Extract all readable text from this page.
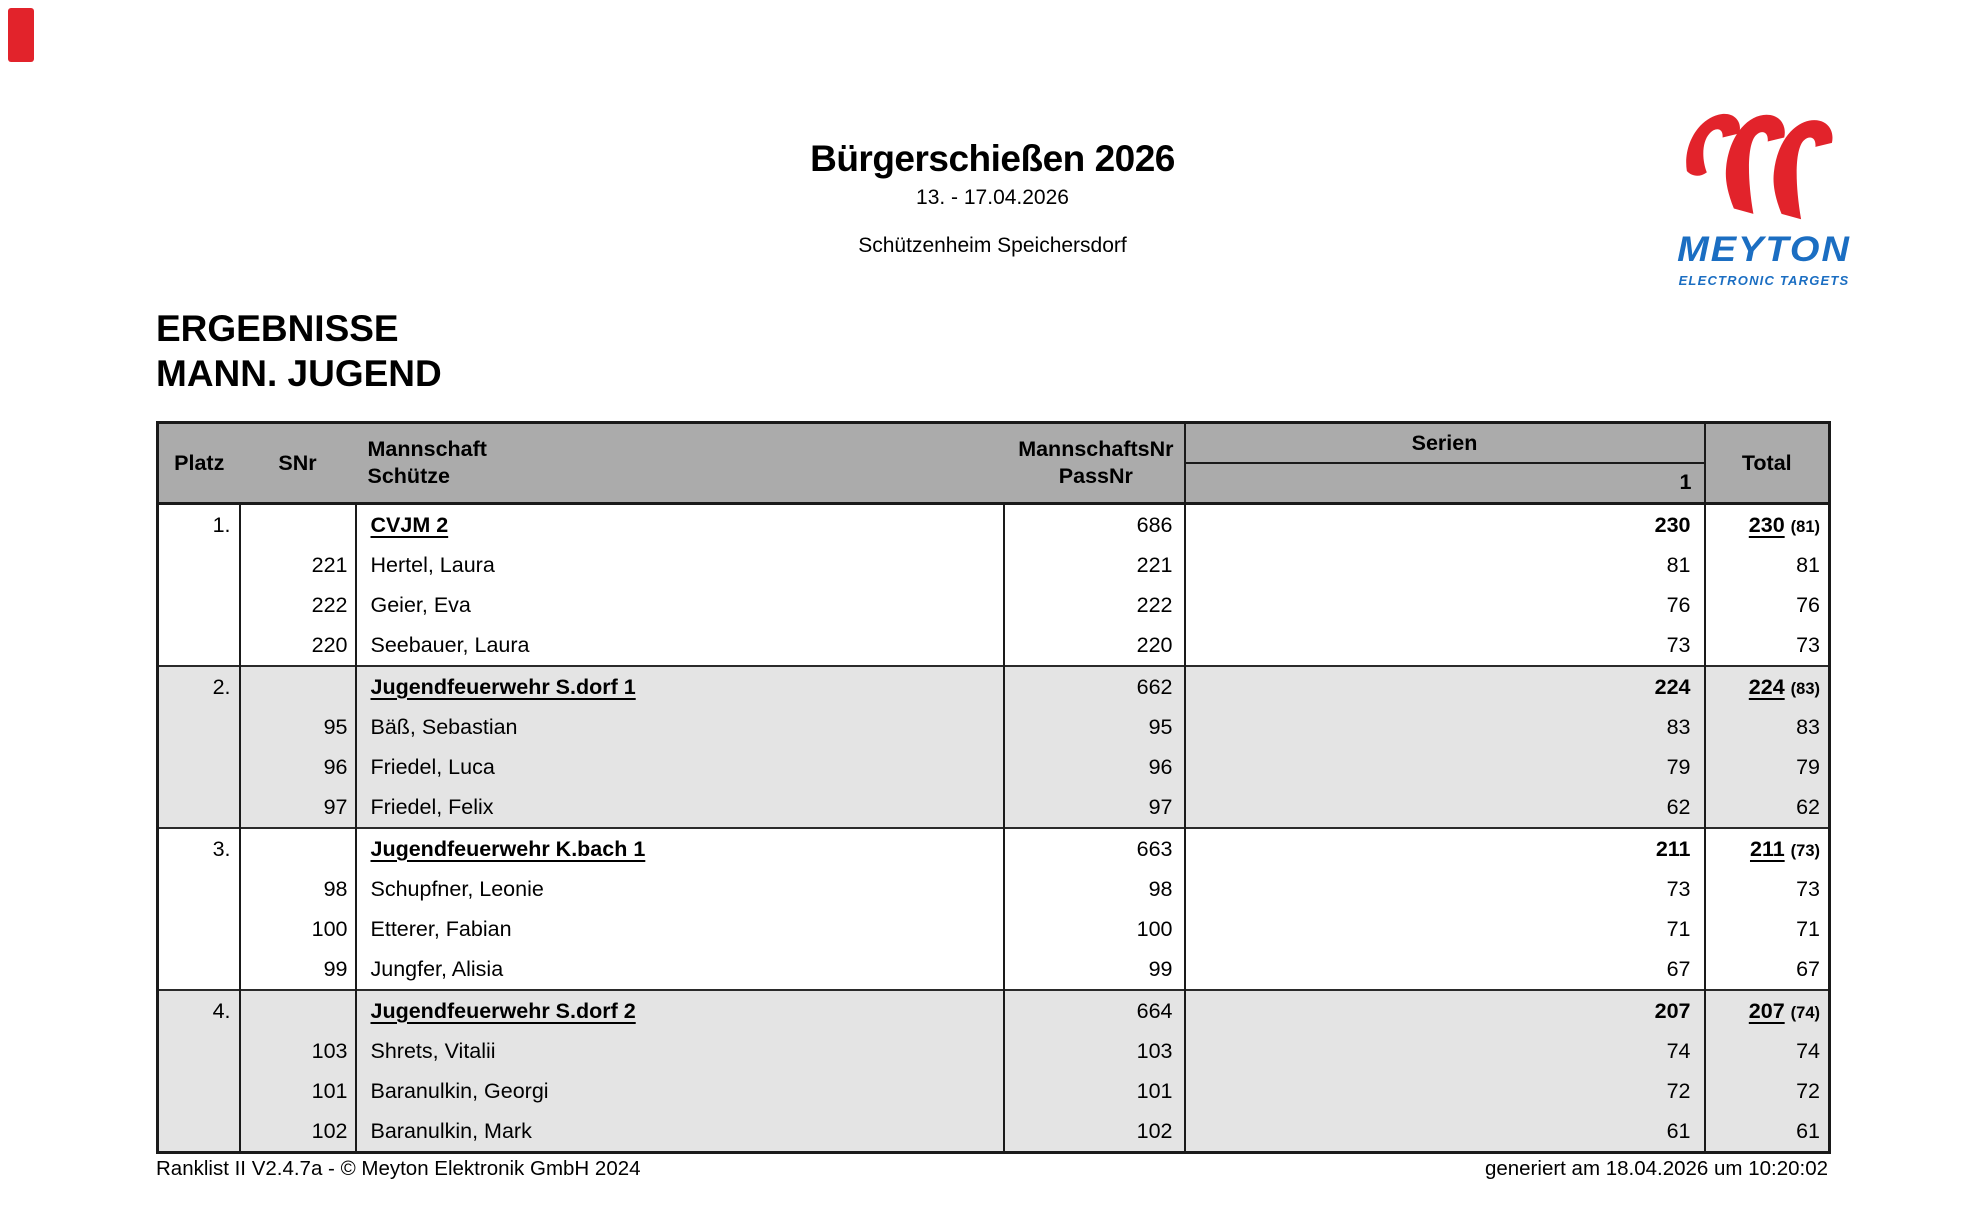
Bürgerschießen 2026
13. - 17.04.2026
Schützenheim Speichersdorf	MEYTON
ELECTRONIC TARGETS
ERGEBNISSE
MANN. JUGEND
Platz	SNr	
Mannschaft
Schütze
	MannschaftsNr
PassNr	
Serien
1
	Total
1.		CVJM 2	686	230	230 (81)
	221	Hertel, Laura	221	81	81
	222	Geier, Eva	222	76	76
	220	Seebauer, Laura	220	73	73
2.		Jugendfeuerwehr S.dorf 1	662	224	224 (83)
	95	Bäß, Sebastian	95	83	83
	96	Friedel, Luca	96	79	79
	97	Friedel, Felix	97	62	62
3.		Jugendfeuerwehr K.bach 1	663	211	211 (73)
	98	Schupfner, Leonie	98	73	73
	100	Etterer, Fabian	100	71	71
	99	Jungfer, Alisia	99	67	67
4.		Jugendfeuerwehr S.dorf 2	664	207	207 (74)
	103	Shrets, Vitalii	103	74	74
	101	Baranulkin, Georgi	101	72	72
	102	Baranulkin, Mark	102	61	61
Ranklist II V2.4.7a - © Meyton Elektronik GmbH 2024	generiert am 18.04.2026 um 10:20:02
